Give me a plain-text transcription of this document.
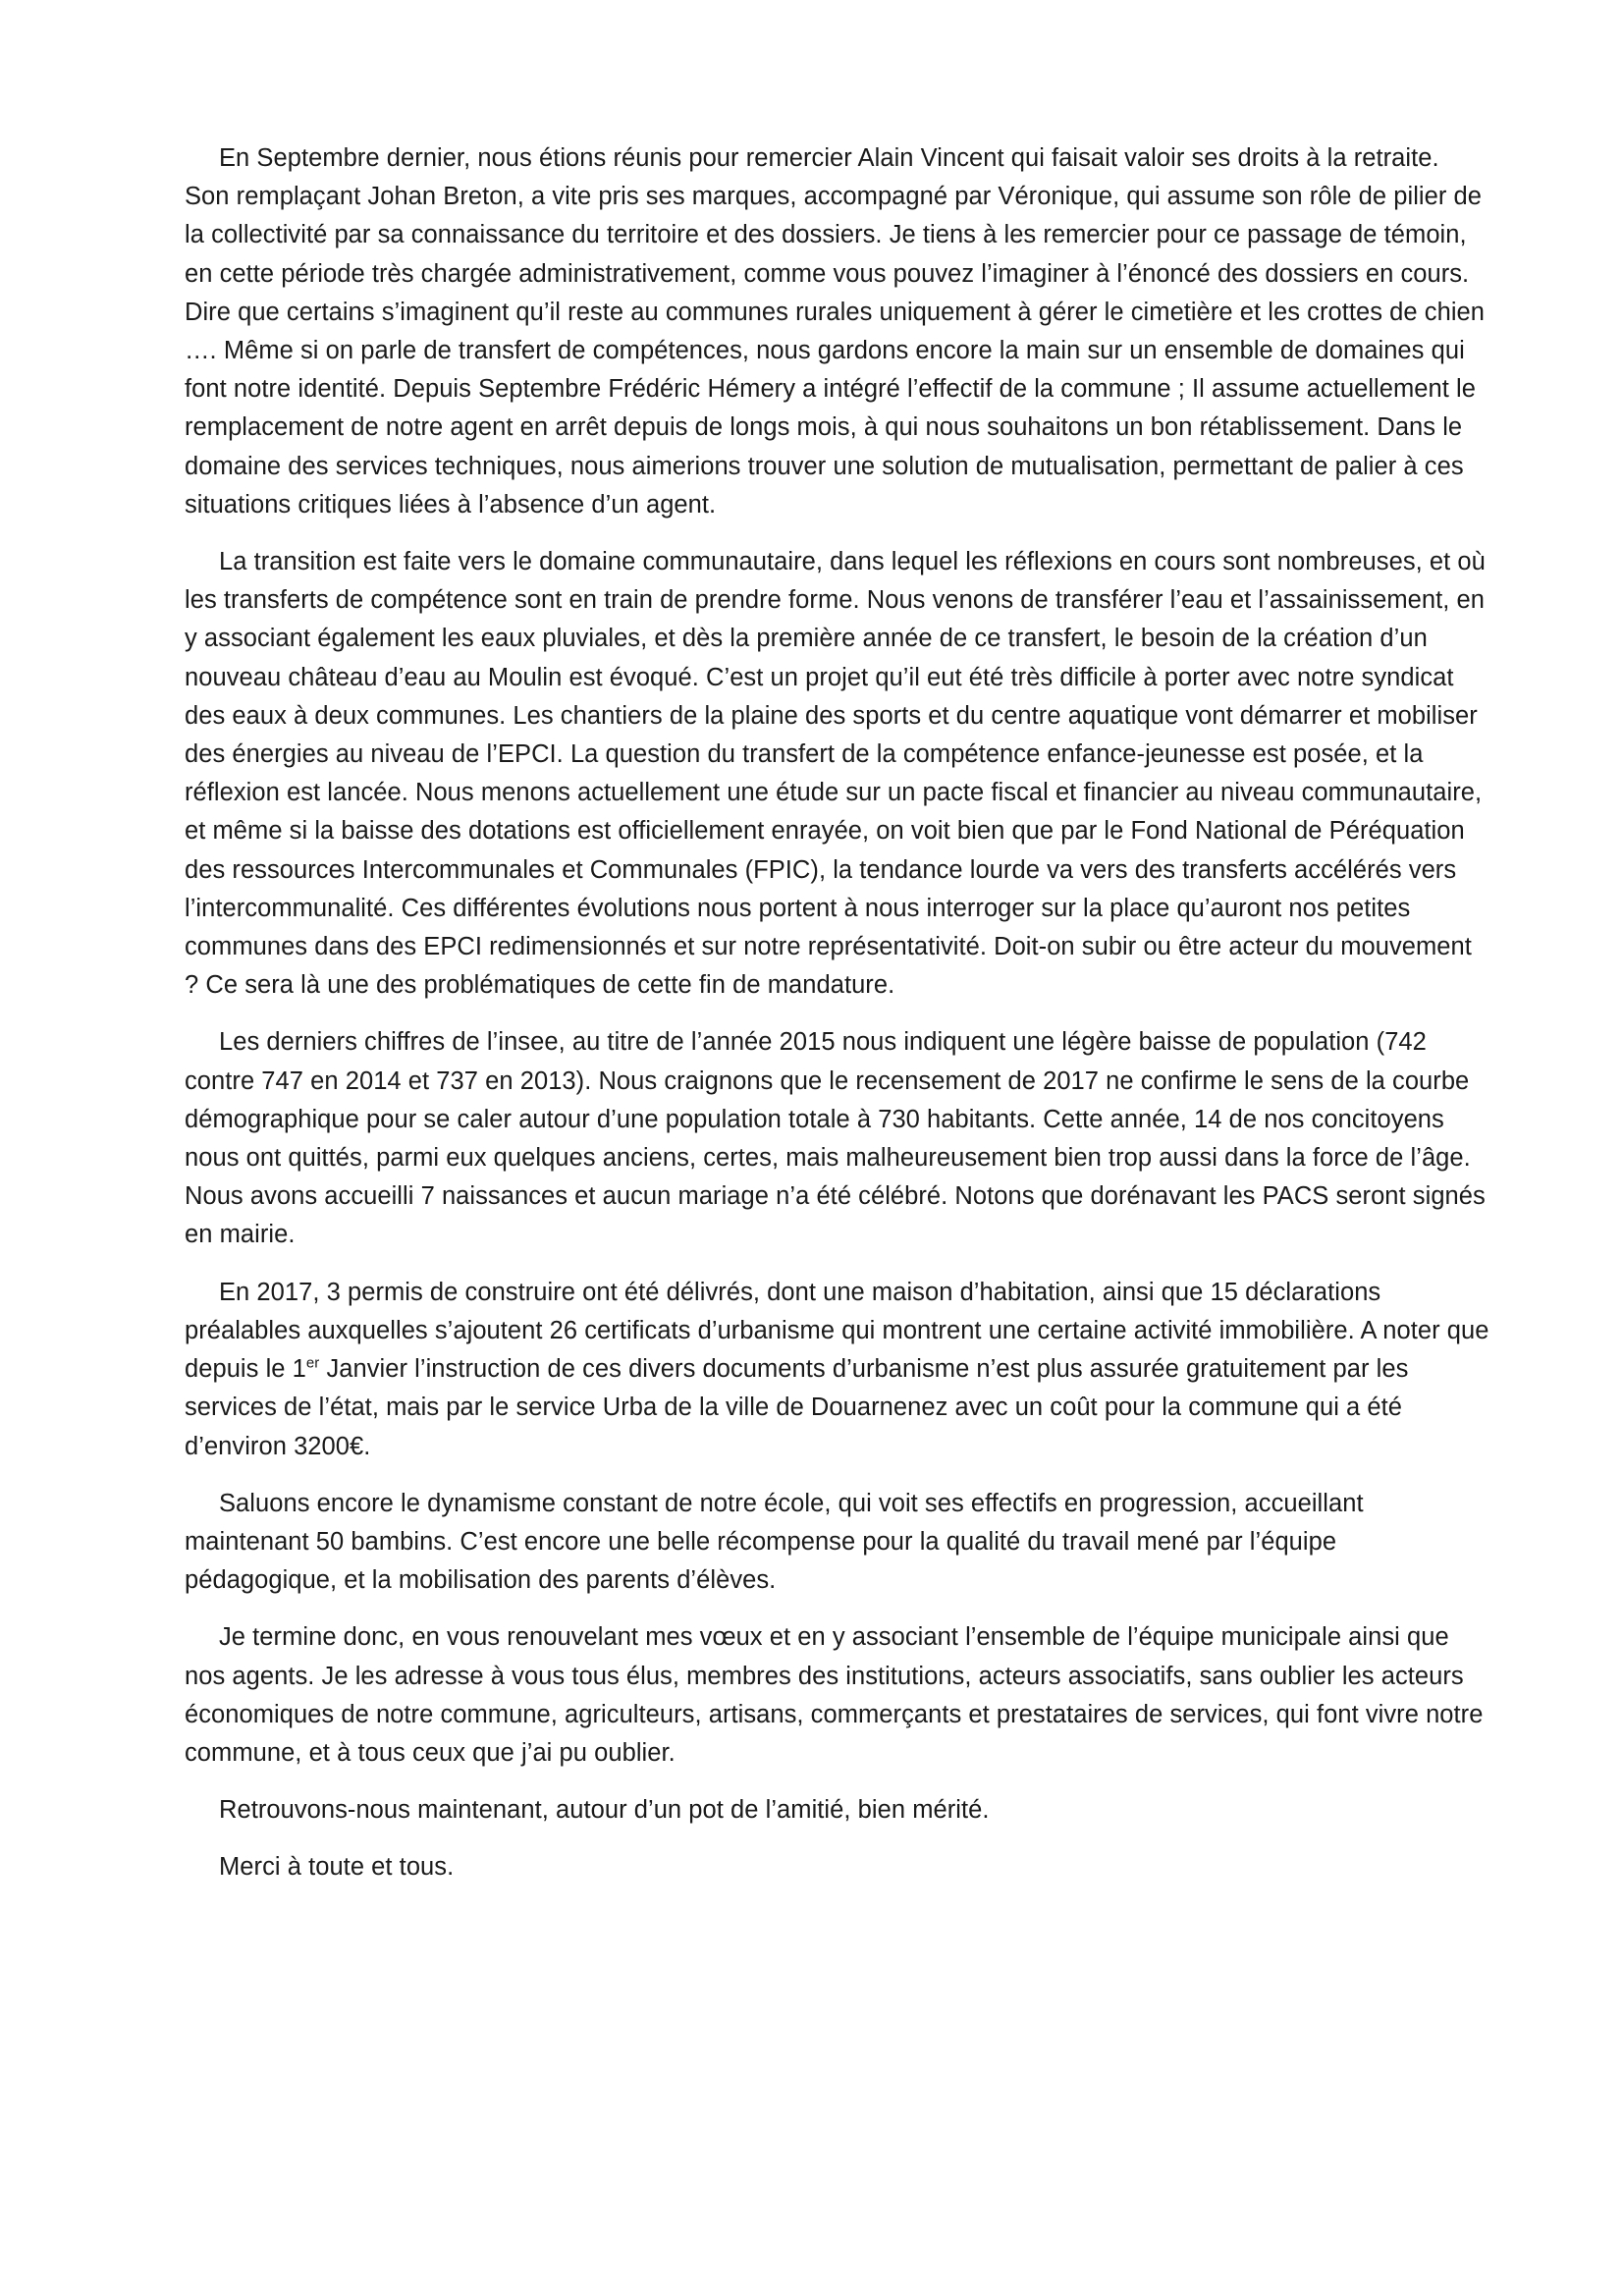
En Septembre dernier, nous étions réunis pour remercier Alain Vincent qui faisait valoir ses droits à la retraite. Son remplaçant Johan Breton, a vite pris ses marques, accompagné par Véronique, qui assume son rôle de pilier de la collectivité par sa connaissance du territoire et des dossiers. Je tiens à les remercier pour ce passage de témoin, en cette période très chargée administrativement, comme vous pouvez l’imaginer à l’énoncé des dossiers en cours. Dire que certains s’imaginent qu’il reste au communes rurales uniquement à gérer le cimetière et les crottes de chien …. Même si on parle de transfert de compétences, nous gardons encore la main sur un ensemble de domaines qui font notre identité. Depuis Septembre Frédéric Hémery a intégré l’effectif de la commune ; Il assume actuellement le remplacement de notre agent en arrêt depuis de longs mois, à qui nous souhaitons un bon rétablissement. Dans le domaine des services techniques, nous aimerions trouver une solution de mutualisation, permettant de palier à ces situations critiques liées à l’absence d’un agent.

La transition est faite vers le domaine communautaire, dans lequel les réflexions en cours sont nombreuses, et où les transferts de compétence sont en train de prendre forme. Nous venons de transférer l’eau et l’assainissement, en y associant également les eaux pluviales, et dès la première année de ce transfert, le besoin de la création d’un nouveau château d’eau au Moulin est évoqué. C’est un projet qu’il eut été très difficile à porter avec notre syndicat des eaux à deux communes. Les chantiers de la plaine des sports et du centre aquatique vont démarrer et mobiliser des énergies au niveau de l’EPCI. La question du transfert de la compétence enfance-jeunesse est posée, et la réflexion est lancée. Nous menons actuellement une étude sur un pacte fiscal et financier au niveau communautaire, et même si la baisse des dotations est officiellement enrayée, on voit bien que par le Fond National de Péréquation des ressources Intercommunales et Communales (FPIC), la tendance lourde va vers des transferts accélérés vers l’intercommunalité. Ces différentes évolutions nous portent à nous interroger sur la place qu’auront nos petites communes dans des EPCI redimensionnés et sur notre représentativité. Doit-on subir ou être acteur du mouvement ? Ce sera là une des problématiques de cette fin de mandature.

Les derniers chiffres de l’insee, au titre de l’année 2015 nous indiquent une légère baisse de population (742 contre 747 en 2014 et 737 en 2013). Nous craignons que le recensement de 2017 ne confirme le sens de la courbe démographique pour se caler autour d’une population totale à 730 habitants. Cette année, 14 de nos concitoyens nous ont quittés, parmi eux quelques anciens, certes, mais malheureusement bien trop aussi dans la force de l’âge. Nous avons accueilli 7 naissances et aucun mariage n’a été célébré. Notons que dorénavant les PACS seront signés en mairie.

En 2017, 3 permis de construire ont été délivrés, dont une maison d’habitation, ainsi que 15 déclarations préalables auxquelles s’ajoutent 26 certificats d’urbanisme qui montrent une certaine activité immobilière. A noter que depuis le 1er Janvier l’instruction de ces divers documents d’urbanisme n’est plus assurée gratuitement par les services de l’état, mais par le service Urba de la ville de Douarnenez avec un coût pour la commune qui a été d’environ 3200€.

Saluons encore le dynamisme constant de notre école, qui voit ses effectifs en progression, accueillant maintenant 50 bambins. C’est encore une belle récompense pour la qualité du travail mené par l’équipe pédagogique, et la mobilisation des parents d’élèves.

Je termine donc, en vous renouvelant mes vœux et en y associant l’ensemble de l’équipe municipale ainsi que nos agents. Je les adresse à vous tous élus, membres des institutions, acteurs associatifs, sans oublier les acteurs économiques de notre commune, agriculteurs, artisans, commerçants et prestataires de services, qui font vivre notre commune, et à tous ceux que j’ai pu oublier.

Retrouvons-nous maintenant, autour d’un pot de l’amitié, bien mérité.

Merci à toute et tous.
